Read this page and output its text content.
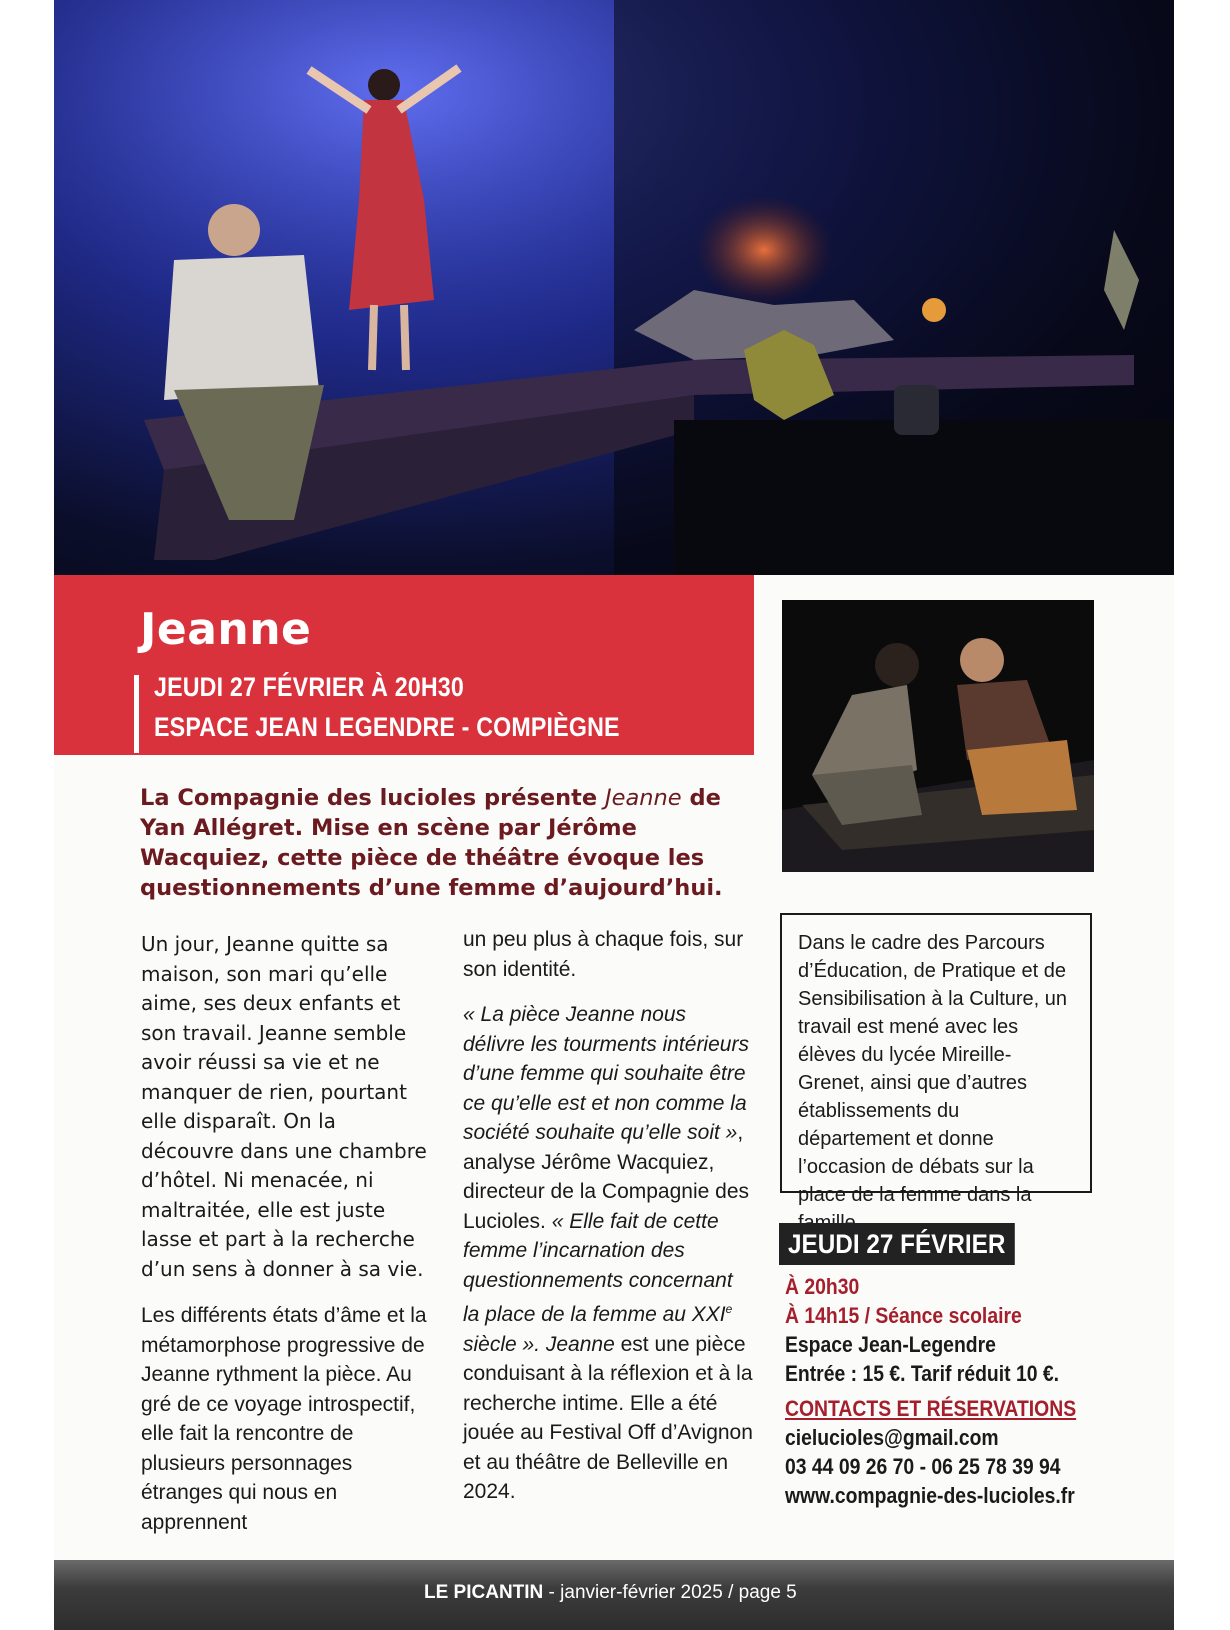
Jeanne
JEUDI 27 FÉVRIER À 20H30
ESPACE JEAN LEGENDRE - COMPIÈGNE
La Compagnie des lucioles présente Jeanne de Yan Allégret. Mise en scène par Jérôme Wacquiez, cette pièce de théâtre évoque les questionnements d’une femme d’aujourd’hui.

Un jour, Jeanne quitte sa maison, son mari qu’elle aime, ses deux enfants et son travail. Jeanne semble avoir réussi sa vie et ne manquer de rien, pourtant elle disparaît. On la découvre dans une chambre d’hôtel. Ni menacée, ni maltraitée, elle est juste lasse et part à la recherche d’un sens à donner à sa vie.

Les différents états d’âme et la métamorphose progressive de Jeanne rythment la pièce. Au gré de ce voyage introspectif, elle fait la rencontre de plusieurs personnages étranges qui nous en apprennent

un peu plus à chaque fois, sur son identité.

« La pièce Jeanne nous délivre les tourments intérieurs d’une femme qui souhaite être ce qu’elle est et non comme la société souhaite qu’elle soit », analyse Jérôme Wacquiez, directeur de la Compagnie des Lucioles. « Elle fait de cette femme l’incarnation des questionnements concernant la place de la femme au XXIe siècle ». Jeanne est une pièce conduisant à la réflexion et à la recherche intime. Elle a été jouée au Festival Off d’Avignon et au théâtre de Belleville en 2024.

Dans le cadre des Parcours d’Éducation, de Pratique et de Sensibilisation à la Culture, un travail est mené avec les élèves du lycée Mireille-Grenet, ainsi que d’autres établissements du département et donne l’occasion de débats sur la place de la femme dans la
JEUDI 27 FÉVRIER
À 20h30
À 14h15 / Séance scolaire
Espace Jean-Legendre
Entrée : 15 €. Tarif réduit 10 €.
CONTACTS ET RÉSERVATIONS
cielucioles@gmail.com
03 44 09 26 70 - 06 25 78 39 94
www.compagnie-des-lucioles.fr
LE PICANTIN - janvier-février 2025 / page 5
